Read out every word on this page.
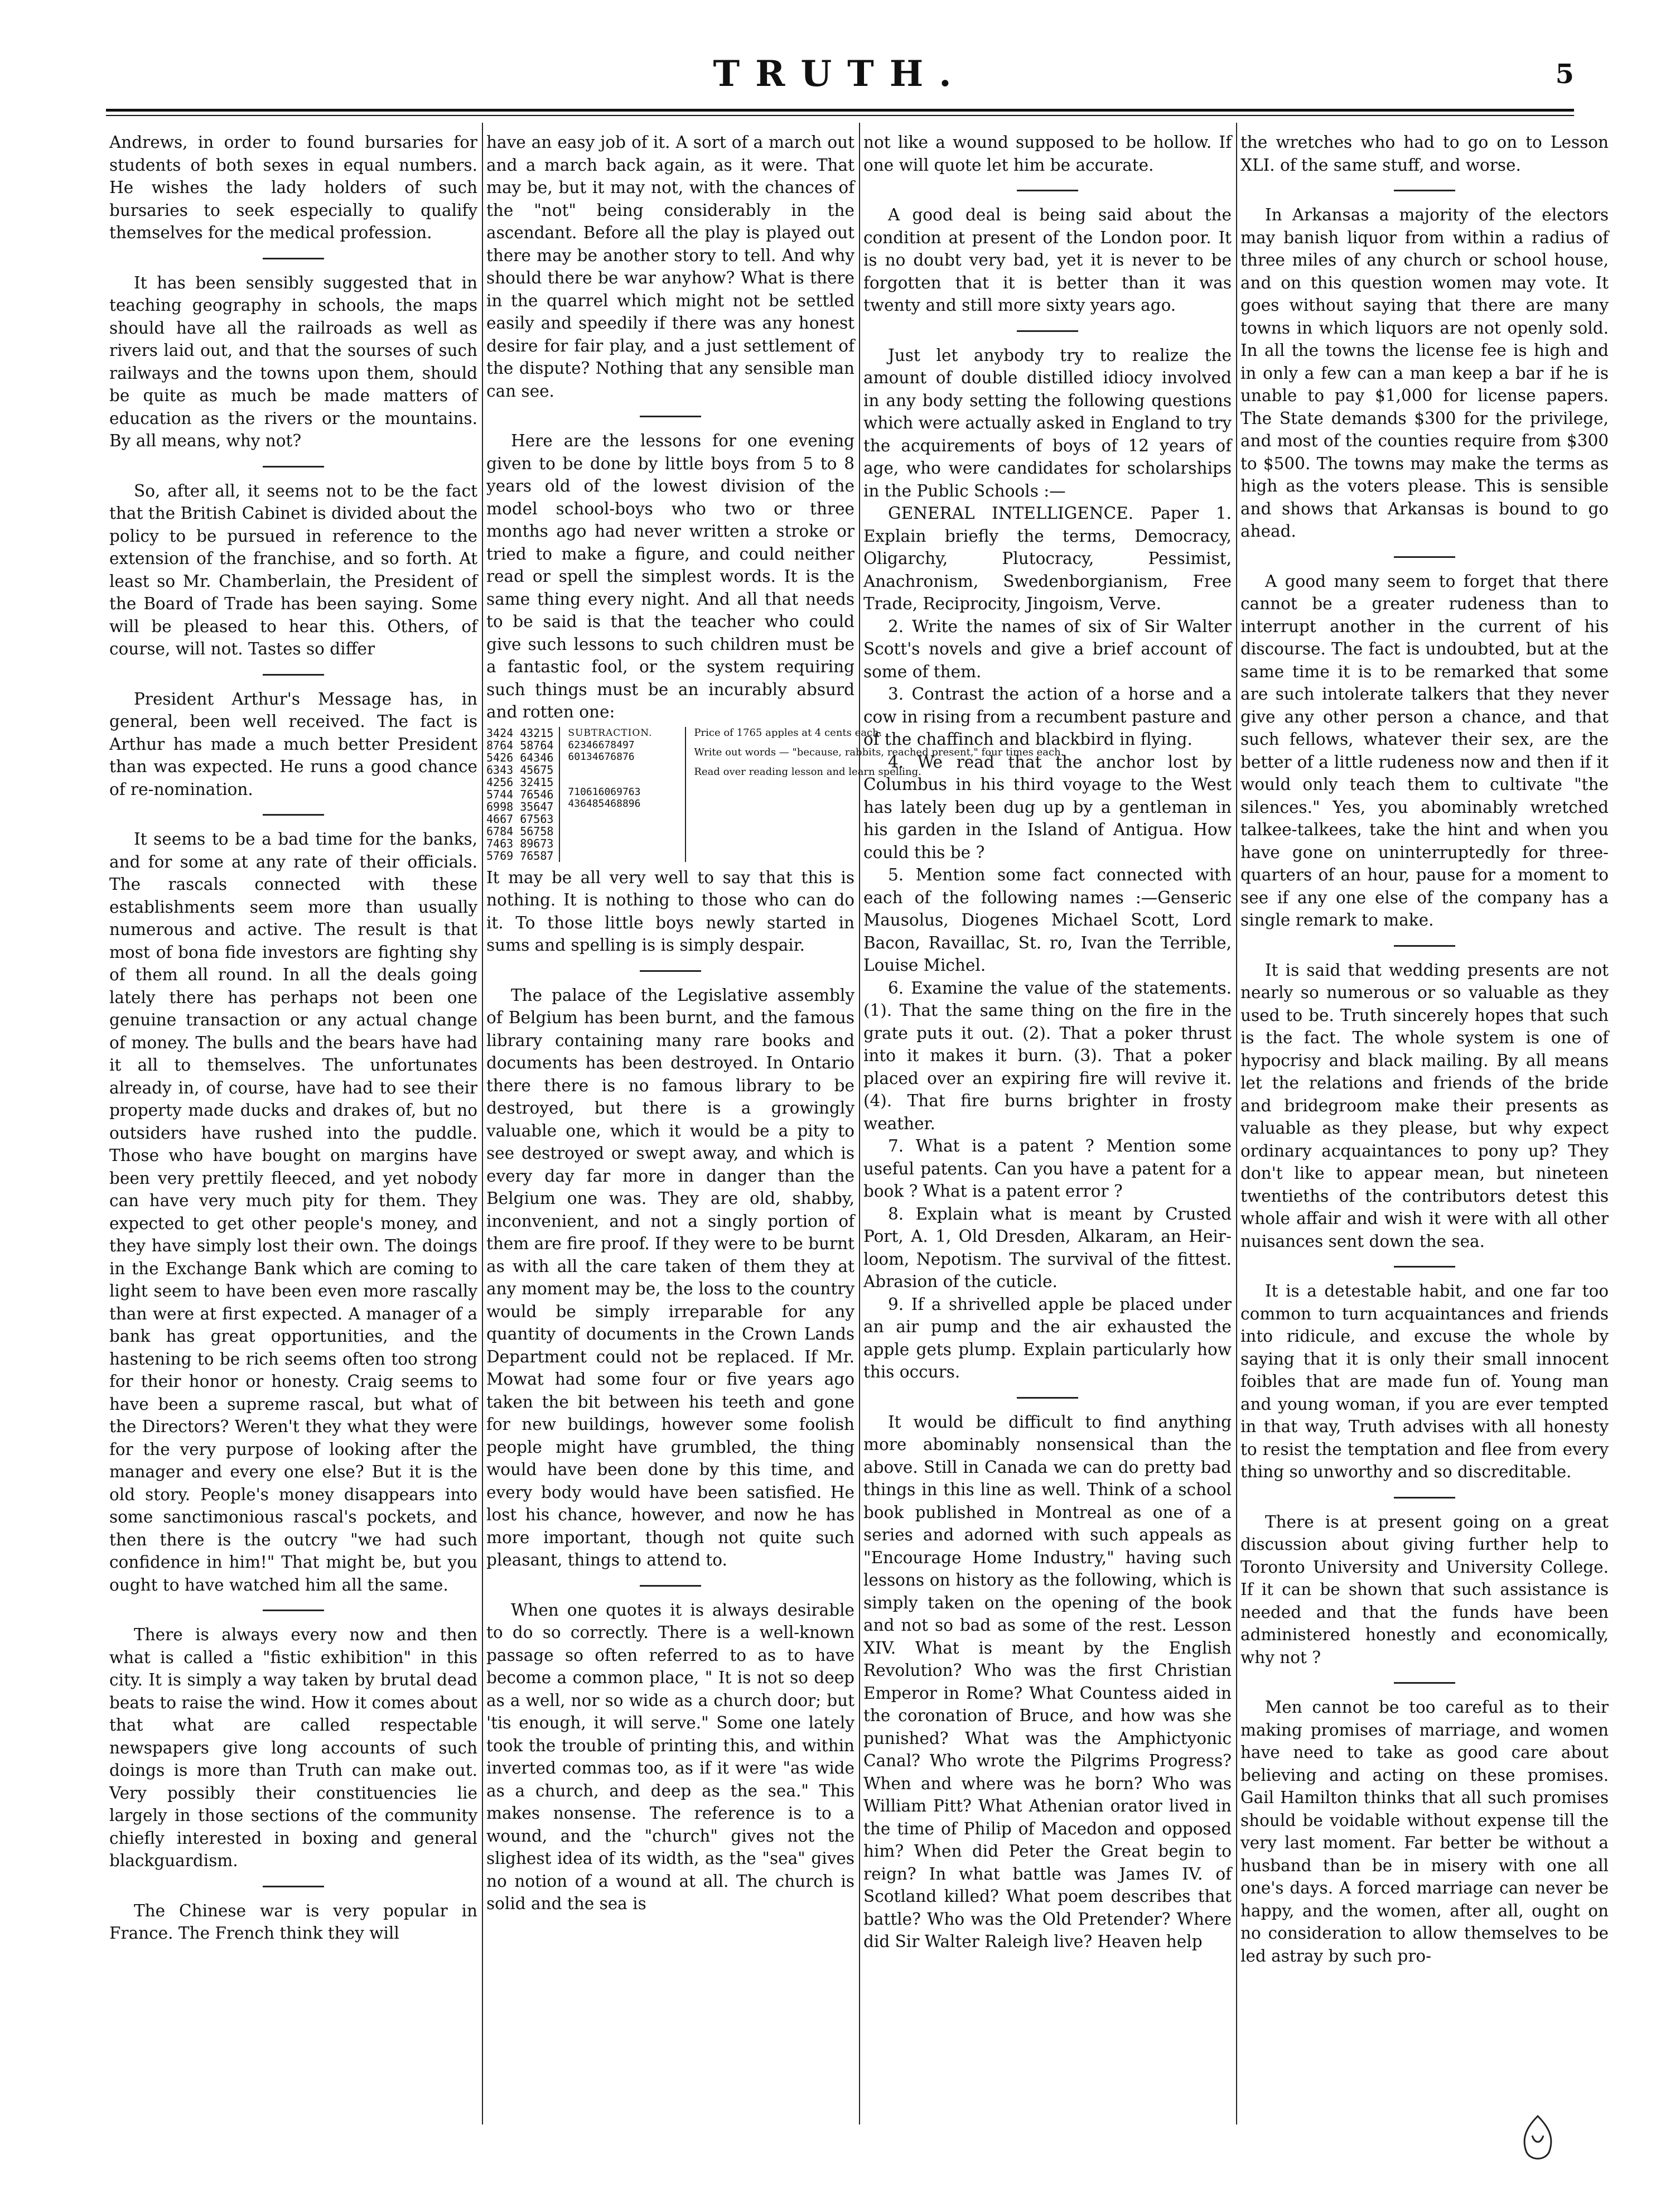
TRUTH.	5

Andrews, in order to found bursaries for students of both sexes in equal numbers. He wishes the lady holders of such bursaries to seek especially to qualify themselves for the medical profession.

It has been sensibly suggested that in teaching geography in schools, the maps should have all the railroads as well as rivers laid out, and that the sourses of such railways and the towns upon them, should be quite as much be made matters of education as the rivers or the mountains. By all means, why not?

So, after all, it seems not to be the fact that the British Cabinet is divided about the policy to be pursued in reference to the extension of the franchise, and so forth. At least so Mr. Chamberlain, the President of the Board of Trade has been saying. Some will be pleased to hear this. Others, of course, will not. Tastes so differ

President Arthur's Message has, in general, been well received. The fact is Arthur has made a much better President than was expected. He runs a good chance of re-nomination.

It seems to be a bad time for the banks, and for some at any rate of their officials. The rascals connected with these establishments seem more than usually numerous and active. The result is that most of bona fide investors are fighting shy of them all round. In all the deals going lately there has perhaps not been one genuine transaction or any actual change of money. The bulls and the bears have had it all to themselves. The unfortunates already in, of course, have had to see their property made ducks and drakes of, but no outsiders have rushed into the puddle. Those who have bought on margins have been very prettily fleeced, and yet nobody can have very much pity for them. They expected to get other people's money, and they have simply lost their own. The doings in the Exchange Bank which are coming to light seem to have been even more rascally than were at first expected. A manager of a bank has great opportunities, and the hastening to be rich seems often too strong for their honor or honesty. Craig seems to have been a supreme rascal, but what of the Directors? Weren't they what they were for the very purpose of looking after the manager and every one else? But it is the old story. People's money disappears into some sanctimonious rascal's pockets, and then there is the outcry "we had such confidence in him!" That might be, but you ought to have watched him all the same.

There is always every now and then what is called a "fistic exhibition" in this city. It is simply a way taken by brutal dead beats to raise the wind. How it comes about that what are called respectable newspapers give long accounts of such doings is more than Truth can make out. Very possibly their constituencies lie largely in those sections of the community chiefly interested in boxing and general blackguardism.

The Chinese war is very popular in France. The French think they will

have an easy job of it. A sort of a march out and a march back again, as it were. That may be, but it may not, with the chances of the "not" being considerably in the ascendant. Before all the play is played out there may be another story to tell. And why should there be war anyhow? What is there in the quarrel which might not be settled easily and speedily if there was any honest desire for fair play, and a just settlement of the dispute? Nothing that any sensible man can see.

Here are the lessons for one evening given to be done by little boys from 5 to 8 years old of the lowest division of the model school-boys who two or three months ago had never written a stroke or tried to make a figure, and could neither read or spell the simplest words. It is the same thing every night. And all that needs to be said is that the teacher who could give such lessons to such children must be a fantastic fool, or the system requiring such things must be an incurably absurd and rotten one:

3424 43215
8764 58764
5426 64346
6343 45675
4256 32415
5744 76546
6998 35647
4667 67563
6784 56758
7463 89673
5769 76587
SUBTRACTION.
62346678497
60134676876
710616069763
436485468896
Price of 1765 apples at 4 cents each.
Write out words — "because, rabbits, reached present," four times each.
Read over reading lesson and learn spelling.

It may be all very well to say that this is nothing. It is nothing to those who can do it. To those little boys newly started in sums and spelling is is simply despair.

The palace of the Legislative assembly of Belgium has been burnt, and the famous library containing many rare books and documents has been destroyed. In Ontario there there is no famous library to be destroyed, but there is a growingly valuable one, which it would be a pity to see destroyed or swept away, and which is every day far more in danger than the Belgium one was. They are old, shabby, inconvenient, and not a singly portion of them are fire proof. If they were to be burnt as with all the care taken of them they at any moment may be, the loss to the country would be simply irreparable for any quantity of documents in the Crown Lands Department could not be replaced. If Mr. Mowat had some four or five years ago taken the bit between his teeth and gone for new buildings, however some foolish people might have grumbled, the thing would have been done by this time, and every body would have been satisfied. He lost his chance, however, and now he has more important, though not quite such pleasant, things to attend to.

When one quotes it is always desirable to do so correctly. There is a well-known passage so often referred to as to have become a common place, " It is not so deep as a well, nor so wide as a church door; but 'tis enough, it will serve." Some one lately took the trouble of printing this, and within inverted commas too, as if it were "as wide as a church, and deep as the sea." This makes nonsense. The reference is to a wound, and the "church" gives not the slighest idea of its width, as the "sea" gives no notion of a wound at all. The church is solid and the sea is

not like a wound supposed to be hollow. If one will quote let him be accurate.

A good deal is being said about the condition at present of the London poor. It is no doubt very bad, yet it is never to be forgotten that it is better than it was twenty and still more sixty years ago.

Just let anybody try to realize the amount of double distilled idiocy involved in any body setting the following questions which were actually asked in England to try the acquirements of boys of 12 years of age, who were candidates for scholarships in the Public Schools :—

GENERAL INTELLIGENCE. Paper 1. Explain briefly the terms, Democracy, Oligarchy, Plutocracy, Pessimist, Anachronism, Swedenborgianism, Free Trade, Reciprocity, Jingoism, Verve.

2. Write the names of six of Sir Walter Scott's novels and give a brief account of some of them.

3. Contrast the action of a horse and a cow in rising from a recumbent pasture and of the chaffinch and blackbird in flying.

4. We read that the anchor lost by Columbus in his third voyage to the West has lately been dug up by a gentleman in his garden in the Island of Antigua. How could this be ?

5. Mention some fact connected with each of the following names :—Genseric Mausolus, Diogenes Michael Scott, Lord Bacon, Ravaillac, St. ro, Ivan the Terrible, Louise Michel.

6. Examine the value of the statements. (1). That the same thing on the fire in the grate puts it out. (2). That a poker thrust into it makes it burn. (3). That a poker placed over an expiring fire will revive it. (4). That fire burns brighter in frosty weather.

7. What is a patent ? Mention some useful patents. Can you have a patent for a book ? What is a patent error ?

8. Explain what is meant by Crusted Port, A. 1, Old Dresden, Alkaram, an Heir-loom, Nepotism. The survival of the fittest. Abrasion of the cuticle.

9. If a shrivelled apple be placed under an air pump and the air exhausted the apple gets plump. Explain particularly how this occurs.

It would be difficult to find anything more abominably nonsensical than the above. Still in Canada we can do pretty bad things in this line as well. Think of a school book published in Montreal as one of a series and adorned with such appeals as "Encourage Home Industry," having such lessons on history as the following, which is simply taken on the opening of the book and not so bad as some of the rest. Lesson XIV. What is meant by the English Revolution? Who was the first Christian Emperor in Rome? What Countess aided in the coronation of Bruce, and how was she punished? What was the Amphictyonic Canal? Who wrote the Pilgrims Progress? When and where was he born? Who was William Pitt? What Athenian orator lived in the time of Philip of Macedon and opposed him? When did Peter the Great begin to reign? In what battle was James IV. of Scotland killed? What poem describes that battle? Who was the Old Pretender? Where did Sir Walter Raleigh live? Heaven help

the wretches who had to go on to Lesson XLI. of the same stuff, and worse.

In Arkansas a majority of the electors may banish liquor from within a radius of three miles of any church or school house, and on this question women may vote. It goes without saying that there are many towns in which liquors are not openly sold. In all the towns the license fee is high and in only a few can a man keep a bar if he is unable to pay $1,000 for license papers. The State demands $300 for the privilege, and most of the counties require from $300 to $500. The towns may make the terms as high as the voters please. This is sensible and shows that Arkansas is bound to go ahead.

A good many seem to forget that there cannot be a greater rudeness than to interrupt another in the current of his discourse. The fact is undoubted, but at the same time it is to be remarked that some are such intolerate talkers that they never give any other person a chance, and that such fellows, whatever their sex, are the better of a little rudeness now and then if it would only teach them to cultivate "the silences." Yes, you abominably wretched talkee-talkees, take the hint and when you have gone on uninterruptedly for three-quarters of an hour, pause for a moment to see if any one else of the company has a single remark to make.

It is said that wedding presents are not nearly so numerous or so valuable as they used to be. Truth sincerely hopes that such is the fact. The whole system is one of hypocrisy and black mailing. By all means let the relations and friends of the bride and bridegroom make their presents as valuable as they please, but why expect ordinary acquaintances to pony up? They don't like to appear mean, but nineteen twentieths of the contributors detest this whole affair and wish it were with all other nuisances sent down the sea.

It is a detestable habit, and one far too common to turn acquaintances and friends into ridicule, and excuse the whole by saying that it is only their small innocent foibles that are made fun of. Young man and young woman, if you are ever tempted in that way, Truth advises with all honesty to resist the temptation and flee from every thing so unworthy and so discreditable.

There is at present going on a great discussion about giving further help to Toronto University and University College. If it can be shown that such assistance is needed and that the funds have been administered honestly and economically, why not ?

Men cannot be too careful as to their making promises of marriage, and women have need to take as good care about believing and acting on these promises. Gail Hamilton thinks that all such promises should be voidable without expense till the very last moment. Far better be without a husband than be in misery with one all one's days. A forced marriage can never be happy, and the women, after all, ought on no consideration to allow themselves to be led astray by such pro-
